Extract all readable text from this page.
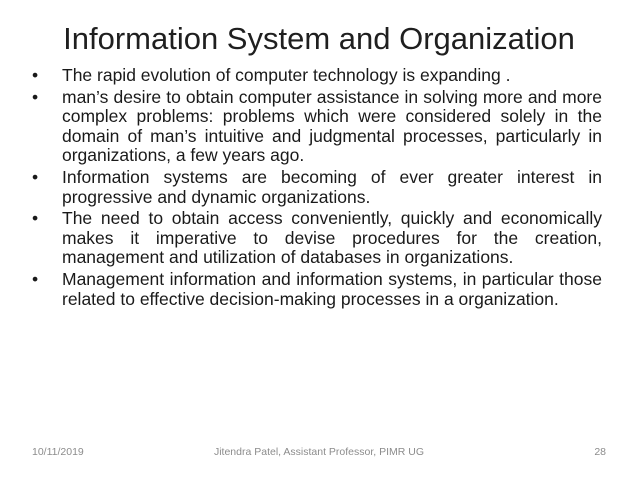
Information System and Organization
• The rapid evolution of computer technology is expanding .
• man’s desire to obtain computer assistance in solving more and more complex problems: problems which were considered solely in the domain of man’s intuitive and judgmental processes, particularly in organizations, a few years ago.
• Information systems are becoming of ever greater interest in progressive and dynamic organizations.
• The need to obtain access conveniently, quickly and economically makes it imperative to devise procedures for the creation, management and utilization of databases in organizations.
• Management information and information systems, in particular those related to effective decision-making processes in a organization.
10/11/2019	Jitendra Patel, Assistant Professor, PIMR UG	28
